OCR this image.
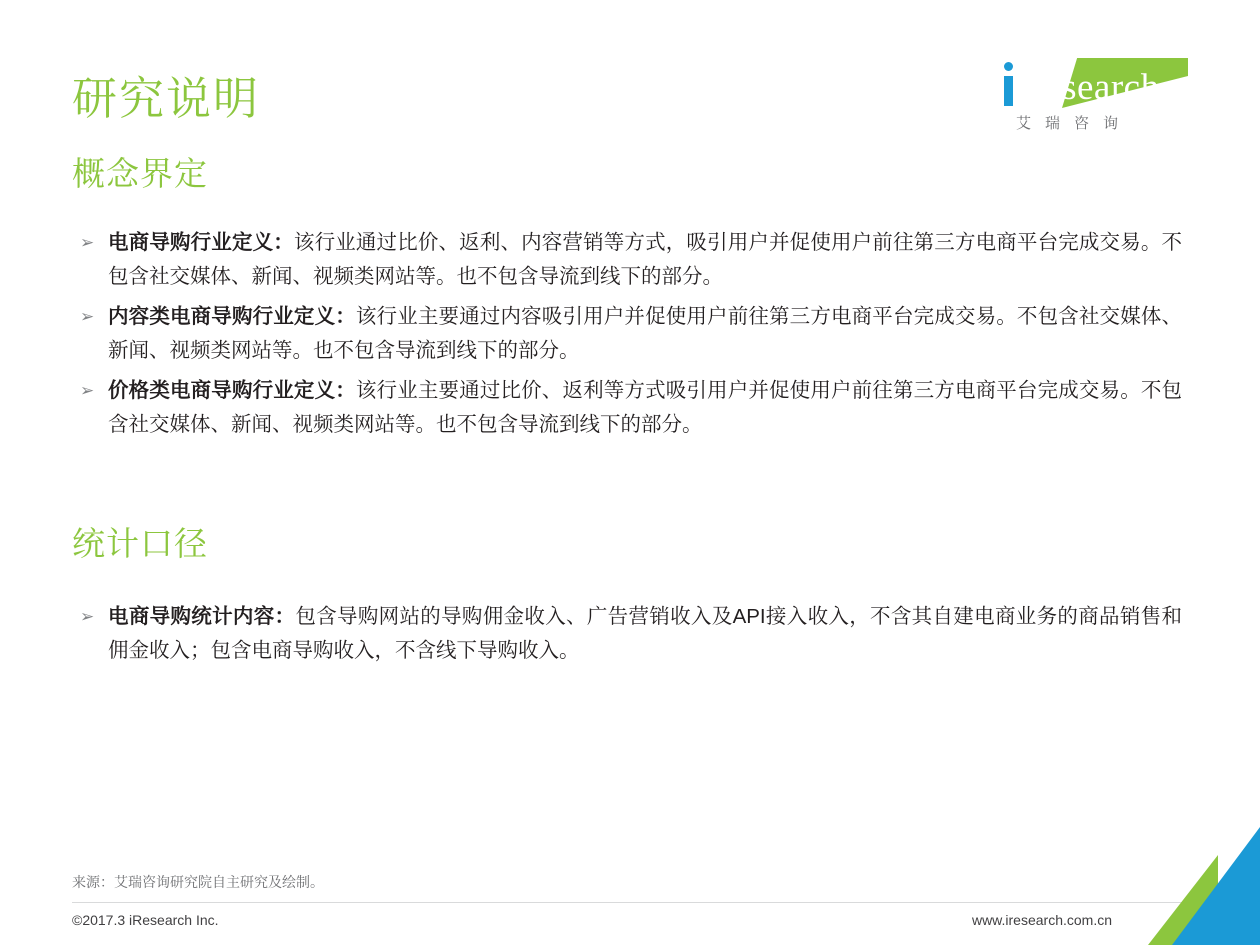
Research
艾瑞咨询
研究说明
概念界定
➢ 电商导购行业定义：该行业通过比价、返利、内容营销等方式，吸引用户并促使用户前往第三方电商平台完成交易。不包含社交媒体、新闻、视频类网站等。也不包含导流到线下的部分。
➢ 内容类电商导购行业定义：该行业主要通过内容吸引用户并促使用户前往第三方电商平台完成交易。不包含社交媒体、新闻、视频类网站等。也不包含导流到线下的部分。
➢ 价格类电商导购行业定义：该行业主要通过比价、返利等方式吸引用户并促使用户前往第三方电商平台完成交易。不包含社交媒体、新闻、视频类网站等。也不包含导流到线下的部分。
统计口径
➢ 电商导购统计内容：包含导购网站的导购佣金收入、广告营销收入及API接入收入，不含其自建电商业务的商品销售和佣金收入；包含电商导购收入，不含线下导购收入。
来源：艾瑞咨询研究院自主研究及绘制。
©2017.3 iResearch Inc.	www.iresearch.com.cn
